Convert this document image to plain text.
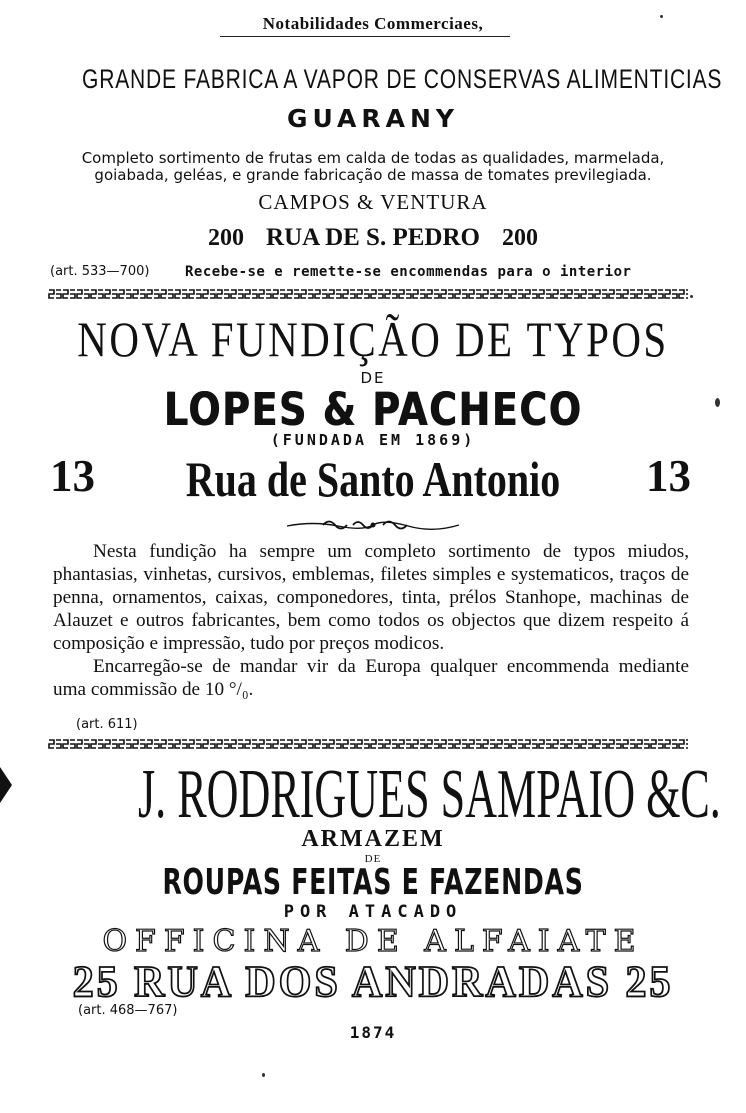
Notabilidades Commerciaes,
GRANDE FABRICA A VAPOR DE CONSERVAS ALIMENTICIAS
GUARANY
Completo sortimento de frutas em calda de todas as qualidades, marmelada,
goiabada, geléas, e grande fabricação de massa de tomates previlegiada.
CAMPOS & VENTURA
200 RUA DE S. PEDRO 200
(art. 533—700)	Recebe-se e remette-se encommendas para o interior
NOVA FUNDIÇÃO DE TYPOS
DE
LOPES & PACHECO
(FUNDADA EM 1869)
13	Rua de Santo Antonio	13

Nesta fundição ha sempre um completo sortimento de typos miudos, phantasias, vinhetas, cursivos, emblemas, filetes simples e systematicos, traços de penna, ornamentos, caixas, componedores, tinta, prélos Stanhope, machinas de Alauzet e outros fabricantes, bem como todos os objectos que dizem respeito á composição e impressão, tudo por preços modicos.

Encarregão-se de mandar vir da Europa qualquer encommenda mediante uma commissão de 10 °/₀.

(art. 611)
J. RODRIGUES SAMPAIO &C.
ARMAZEM
DE
ROUPAS FEITAS E FAZENDAS
POR ATACADO
OFFICINA DE ALFAIATE
25 RUA DOS ANDRADAS 25
(art. 468—767)
1874
